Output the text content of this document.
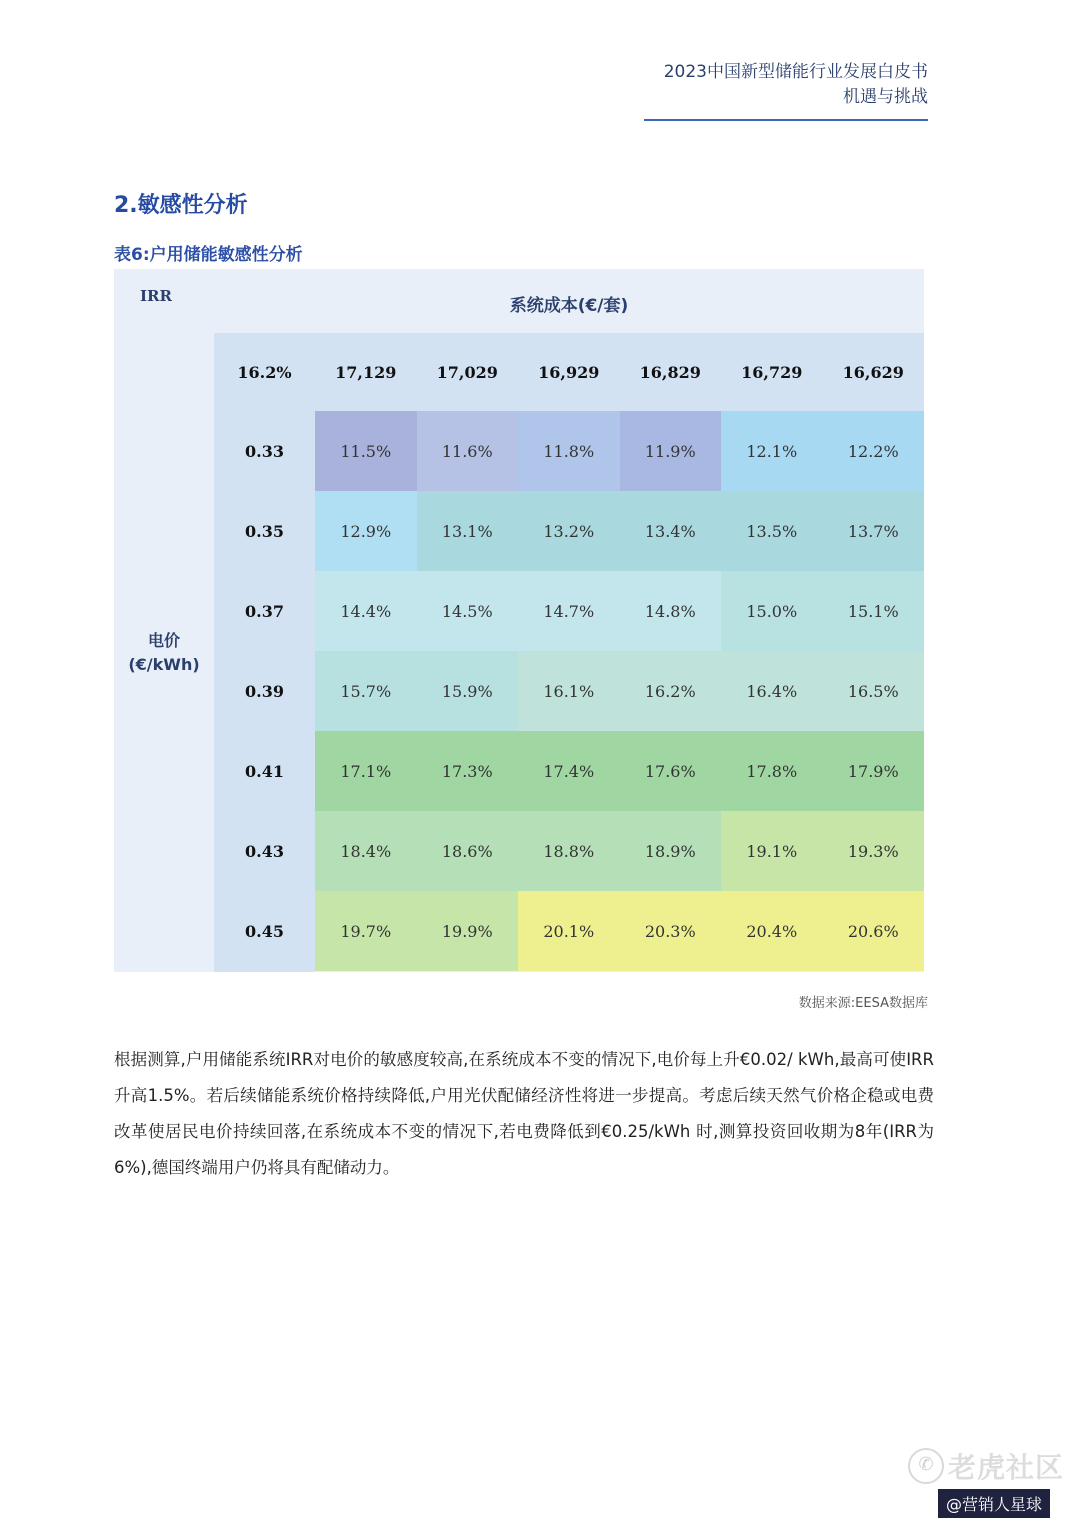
2023中国新型储能行业发展白皮书
机遇与挑战
2.敏感性分析
表6:户用储能敏感性分析
IRR	系统成本(€/套)
电价
(€/kWh)
16.2%	17,129	17,029	16,929	16,829	16,729	16,629
0.33	11.5%	11.6%	11.8%	11.9%	12.1%	12.2%
0.35	12.9%	13.1%	13.2%	13.4%	13.5%	13.7%
0.37	14.4%	14.5%	14.7%	14.8%	15.0%	15.1%
0.39	15.7%	15.9%	16.1%	16.2%	16.4%	16.5%
0.41	17.1%	17.3%	17.4%	17.6%	17.8%	17.9%
0.43	18.4%	18.6%	18.8%	18.9%	19.1%	19.3%
0.45	19.7%	19.9%	20.1%	20.3%	20.4%	20.6%
数据来源:EESA数据库

根据测算,户用储能系统IRR对电价的敏感度较高,在系统成本不变的情况下,电价每上升€0.02/ kWh,最高可使IRR升高1.5%。若后续储能系统价格持续降低,户用光伏配储经济性将进一步提高。考虑后续天然气价格企稳或电费改革使居民电价持续回落,在系统成本不变的情况下,若电费降低到€0.25/kWh 时,测算投资回收期为8年(IRR为6%),德国终端用户仍将具有配储动力。

✆ 老虎社区
@营销人星球
